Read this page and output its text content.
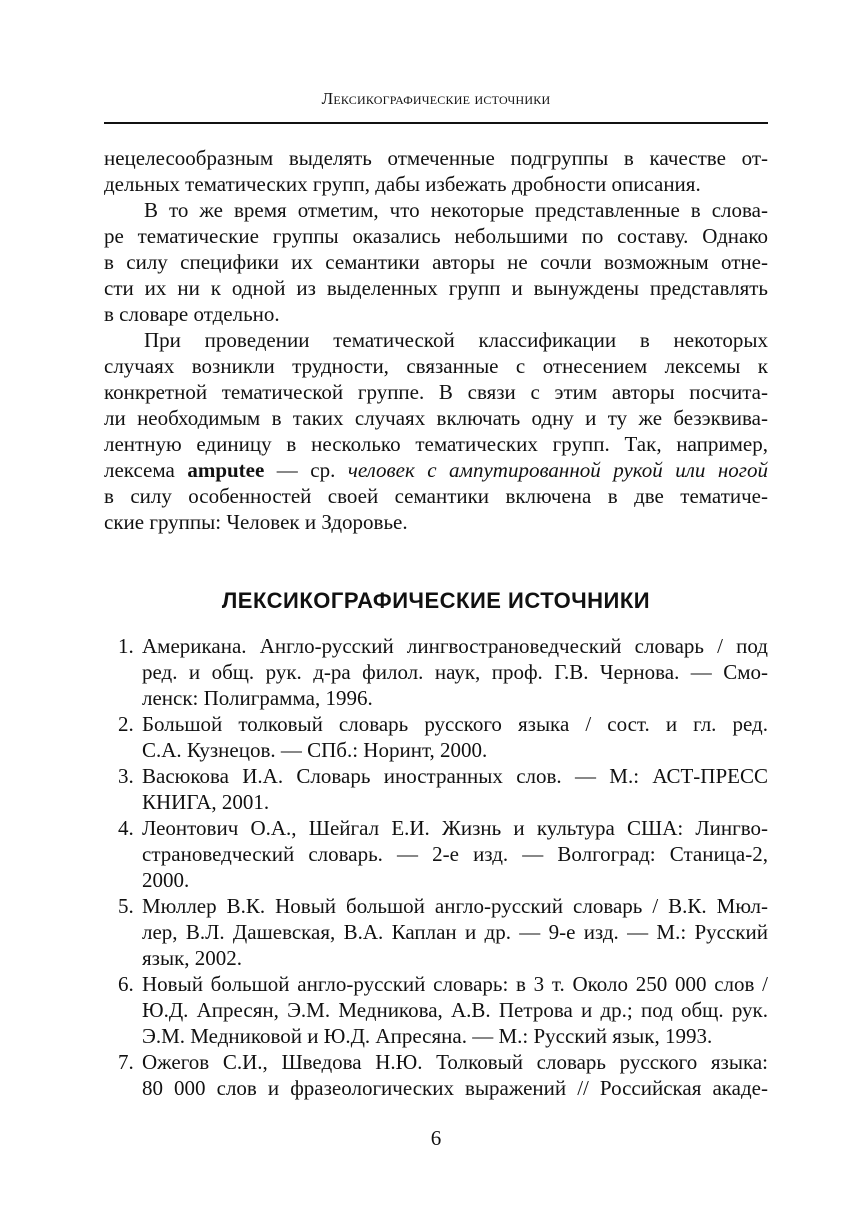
Лексикографические источники

нецелесообразным выделять отмеченные подгруппы в качестве от-
дельных тематических групп, дабы избежать дробности описания.

В то же время отметим, что некоторые представленные в слова-
ре тематические группы оказались небольшими по составу. Однако
в силу специфики их семантики авторы не сочли возможным отне-
сти их ни к одной из выделенных групп и вынуждены представлять
в словаре отдельно.

При проведении тематической классификации в некоторых
случаях возникли трудности, связанные с отнесением лексемы к
конкретной тематической группе. В связи с этим авторы посчита-
ли необходимым в таких случаях включать одну и ту же безэквива-
лентную единицу в несколько тематических групп. Так, например,
лексема amputee — ср. человек с ампутированной рукой или ногой
в силу особенностей своей семантики включена в две тематиче-
ские группы: Человек и Здоровье.

ЛЕКСИКОГРАФИЧЕСКИЕ ИСТОЧНИКИ
1. Американа. Англо-русский лингвострановедческий словарь / под
ред. и общ. рук. д-ра филол. наук, проф. Г.В. Чернова. — Смо-
ленск: Полиграмма, 1996.
2. Большой толковый словарь русского языка / сост. и гл. ред.
С.А. Кузнецов. — СПб.: Норинт, 2000.
3. Васюкова И.А. Словарь иностранных слов. — М.: АСТ-ПРЕСС
КНИГА, 2001.
4. Леонтович О.А., Шейгал Е.И. Жизнь и культура США: Лингво-
страноведческий словарь. — 2-е изд. — Волгоград: Станица-2,
2000.
5. Мюллер В.К. Новый большой англо-русский словарь / В.К. Мюл-
лер, В.Л. Дашевская, В.А. Каплан и др. — 9-е изд. — М.: Русский
язык, 2002.
6. Новый большой англо-русский словарь: в 3 т. Около 250 000 слов /
Ю.Д. Апресян, Э.М. Медникова, А.В. Петрова и др.; под общ. рук.
Э.М. Медниковой и Ю.Д. Апресяна. — М.: Русский язык, 1993.
7. Ожегов С.И., Шведова Н.Ю. Толковый словарь русского языка:
80 000 слов и фразеологических выражений // Российская акаде-
6
